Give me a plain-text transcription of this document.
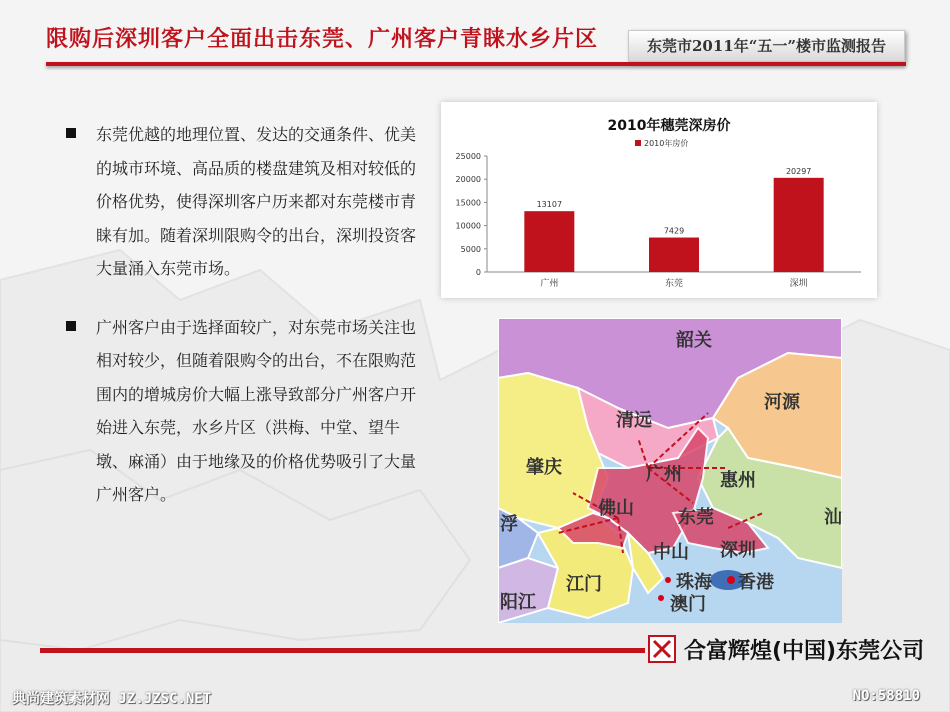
限购后深圳客户全面出击东莞、广州客户青睐水乡片区	东莞市2011年“五一”楼市监测报告
东莞优越的地理位置、发达的交通条件、优美的城市环境、高品质的楼盘建筑及相对较低的价格优势，使得深圳客户历来都对东莞楼市青睐有加。随着深圳限购令的出台，深圳投资客大量涌入东莞市场。
广州客户由于选择面较广，对东莞市场关注也相对较少，但随着限购令的出台，不在限购范围内的增城房价大幅上涨导致部分广州客户开始进入东莞，水乡片区（洪梅、中堂、望牛墩、麻涌）由于地缘及的价格优势吸引了大量广州客户。
2010年穗莞深房价
2010年房价
0
5000
10000
15000
20000
25000
13107
广州
7429
东莞
20297
深圳
韶关
河源
清远
肇庆	广州 惠州
佛山 东莞
深圳
中山
珠海 香港
江门
澳门
浮
阳江
汕
合富辉煌(中国)东莞公司
典尚建筑素材网 JZ.JZSC.NET	NO:58810
